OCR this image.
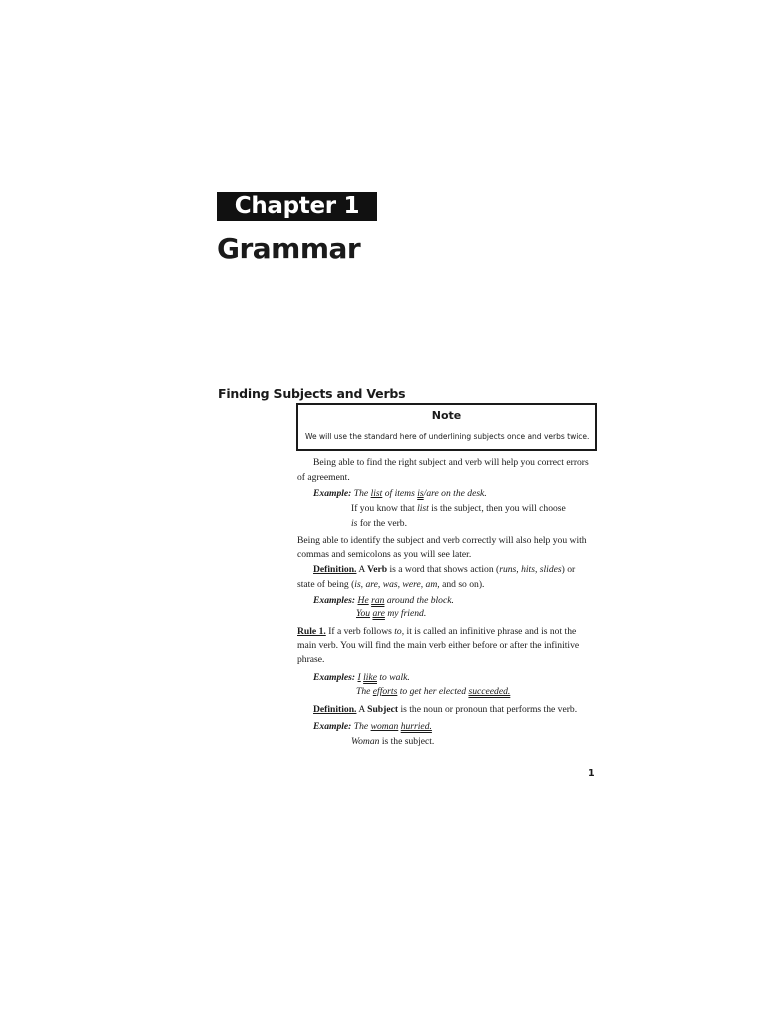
Chapter 1
Grammar
Finding Subjects and Verbs
Note
We will use the standard here of underlining subjects once and verbs twice.
Being able to find the right subject and verb will help you correct errors
of agreement.
Example: The list of items is/are on the desk.
If you know that list is the subject, then you will choose
is for the verb.
Being able to identify the subject and verb correctly will also help you with
commas and semicolons as you will see later.
Definition. A Verb is a word that shows action (runs, hits, slides) or
state of being (is, are, was, were, am, and so on).
Examples: He ran around the block.
You are my friend.
Rule 1. If a verb follows to, it is called an infinitive phrase and is not the
main verb. You will find the main verb either before or after the infinitive
phrase.
Examples: I like to walk.
The efforts to get her elected succeeded.
Definition. A Subject is the noun or pronoun that performs the verb.
Example: The woman hurried.
Woman is the subject.
1
